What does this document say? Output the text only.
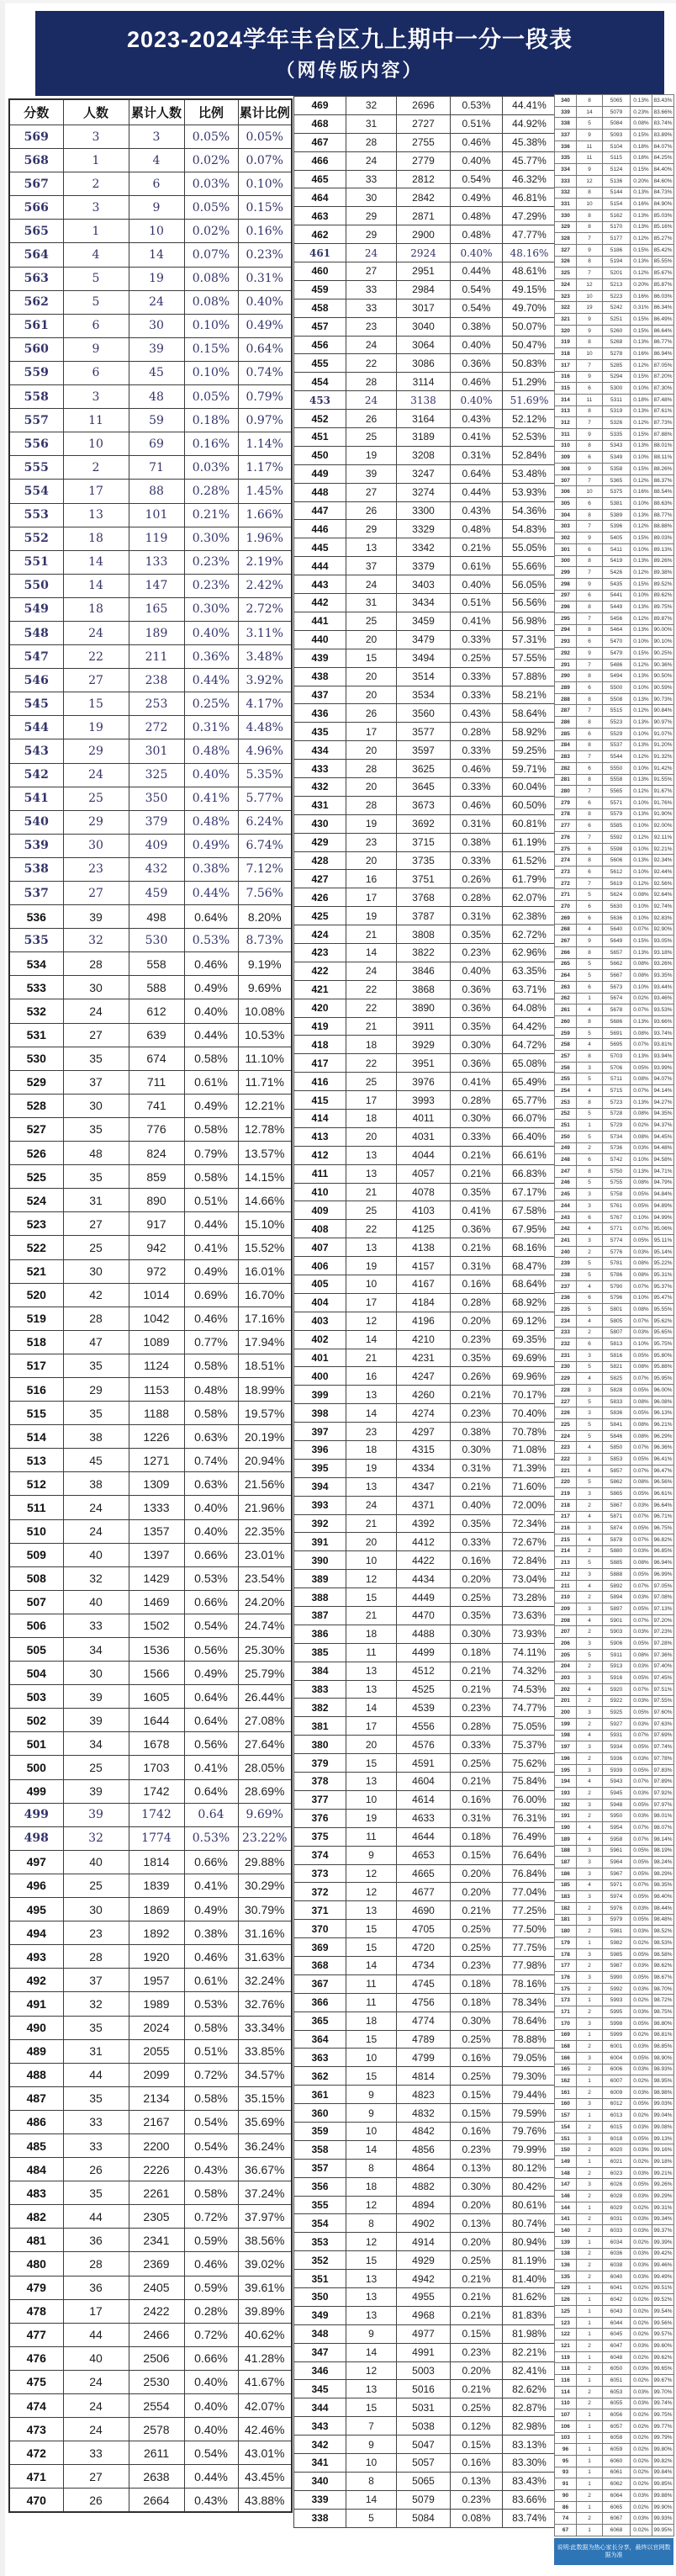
2023-2024学年丰台区九上期中一分一段表
（网传版内容）
分数	人数	累计人数	比例	累计比例
569	3	3	0.05%	0.05%
568	1	4	0.02%	0.07%
567	2	6	0.03%	0.10%
566	3	9	0.05%	0.15%
565	1	10	0.02%	0.16%
564	4	14	0.07%	0.23%
563	5	19	0.08%	0.31%
562	5	24	0.08%	0.40%
561	6	30	0.10%	0.49%
560	9	39	0.15%	0.64%
559	6	45	0.10%	0.74%
558	3	48	0.05%	0.79%
557	11	59	0.18%	0.97%
556	10	69	0.16%	1.14%
555	2	71	0.03%	1.17%
554	17	88	0.28%	1.45%
553	13	101	0.21%	1.66%
552	18	119	0.30%	1.96%
551	14	133	0.23%	2.19%
550	14	147	0.23%	2.42%
549	18	165	0.30%	2.72%
548	24	189	0.40%	3.11%
547	22	211	0.36%	3.48%
546	27	238	0.44%	3.92%
545	15	253	0.25%	4.17%
544	19	272	0.31%	4.48%
543	29	301	0.48%	4.96%
542	24	325	0.40%	5.35%
541	25	350	0.41%	5.77%
540	29	379	0.48%	6.24%
539	30	409	0.49%	6.74%
538	23	432	0.38%	7.12%
537	27	459	0.44%	7.56%
536	39	498	0.64%	8.20%
535	32	530	0.53%	8.73%
534	28	558	0.46%	9.19%
533	30	588	0.49%	9.69%
532	24	612	0.40%	10.08%
531	27	639	0.44%	10.53%
530	35	674	0.58%	11.10%
529	37	711	0.61%	11.71%
528	30	741	0.49%	12.21%
527	35	776	0.58%	12.78%
526	48	824	0.79%	13.57%
525	35	859	0.58%	14.15%
524	31	890	0.51%	14.66%
523	27	917	0.44%	15.10%
522	25	942	0.41%	15.52%
521	30	972	0.49%	16.01%
520	42	1014	0.69%	16.70%
519	28	1042	0.46%	17.16%
518	47	1089	0.77%	17.94%
517	35	1124	0.58%	18.51%
516	29	1153	0.48%	18.99%
515	35	1188	0.58%	19.57%
514	38	1226	0.63%	20.19%
513	45	1271	0.74%	20.94%
512	38	1309	0.63%	21.56%
511	24	1333	0.40%	21.96%
510	24	1357	0.40%	22.35%
509	40	1397	0.66%	23.01%
508	32	1429	0.53%	23.54%
507	40	1469	0.66%	24.20%
506	33	1502	0.54%	24.74%
505	34	1536	0.56%	25.30%
504	30	1566	0.49%	25.79%
503	39	1605	0.64%	26.44%
502	39	1644	0.64%	27.08%
501	34	1678	0.56%	27.64%
500	25	1703	0.41%	28.05%
499	39	1742	0.64%	28.69%
499	39	1742	0.64	9.69%
498	32	1774	0.53%	23.22%
497	40	1814	0.66%	29.88%
496	25	1839	0.41%	30.29%
495	30	1869	0.49%	30.79%
494	23	1892	0.38%	31.16%
493	28	1920	0.46%	31.63%
492	37	1957	0.61%	32.24%
491	32	1989	0.53%	32.76%
490	35	2024	0.58%	33.34%
489	31	2055	0.51%	33.85%
488	44	2099	0.72%	34.57%
487	35	2134	0.58%	35.15%
486	33	2167	0.54%	35.69%
485	33	2200	0.54%	36.24%
484	26	2226	0.43%	36.67%
483	35	2261	0.58%	37.24%
482	44	2305	0.72%	37.97%
481	36	2341	0.59%	38.56%
480	28	2369	0.46%	39.02%
479	36	2405	0.59%	39.61%
478	17	2422	0.28%	39.89%
477	44	2466	0.72%	40.62%
476	40	2506	0.66%	41.28%
475	24	2530	0.40%	41.67%
474	24	2554	0.40%	42.07%
473	24	2578	0.40%	42.46%
472	33	2611	0.54%	43.01%
471	27	2638	0.44%	43.45%
470	26	2664	0.43%	43.88%
469	32	2696	0.53%	44.41%
468	31	2727	0.51%	44.92%
467	28	2755	0.46%	45.38%
466	24	2779	0.40%	45.77%
465	33	2812	0.54%	46.32%
464	30	2842	0.49%	46.81%
463	29	2871	0.48%	47.29%
462	29	2900	0.48%	47.77%
461	24	2924	0.40%	48.16%
460	27	2951	0.44%	48.61%
459	33	2984	0.54%	49.15%
458	33	3017	0.54%	49.70%
457	23	3040	0.38%	50.07%
456	24	3064	0.40%	50.47%
455	22	3086	0.36%	50.83%
454	28	3114	0.46%	51.29%
453	24	3138	0.40%	51.69%
452	26	3164	0.43%	52.12%
451	25	3189	0.41%	52.53%
450	19	3208	0.31%	52.84%
449	39	3247	0.64%	53.48%
448	27	3274	0.44%	53.93%
447	26	3300	0.43%	54.36%
446	29	3329	0.48%	54.83%
445	13	3342	0.21%	55.05%
444	37	3379	0.61%	55.66%
443	24	3403	0.40%	56.05%
442	31	3434	0.51%	56.56%
441	25	3459	0.41%	56.98%
440	20	3479	0.33%	57.31%
439	15	3494	0.25%	57.55%
438	20	3514	0.33%	57.88%
437	20	3534	0.33%	58.21%
436	26	3560	0.43%	58.64%
435	17	3577	0.28%	58.92%
434	20	3597	0.33%	59.25%
433	28	3625	0.46%	59.71%
432	20	3645	0.33%	60.04%
431	28	3673	0.46%	60.50%
430	19	3692	0.31%	60.81%
429	23	3715	0.38%	61.19%
428	20	3735	0.33%	61.52%
427	16	3751	0.26%	61.79%
426	17	3768	0.28%	62.07%
425	19	3787	0.31%	62.38%
424	21	3808	0.35%	62.72%
423	14	3822	0.23%	62.96%
422	24	3846	0.40%	63.35%
421	22	3868	0.36%	63.71%
420	22	3890	0.36%	64.08%
419	21	3911	0.35%	64.42%
418	18	3929	0.30%	64.72%
417	22	3951	0.36%	65.08%
416	25	3976	0.41%	65.49%
415	17	3993	0.28%	65.77%
414	18	4011	0.30%	66.07%
413	20	4031	0.33%	66.40%
412	13	4044	0.21%	66.61%
411	13	4057	0.21%	66.83%
410	21	4078	0.35%	67.17%
409	25	4103	0.41%	67.58%
408	22	4125	0.36%	67.95%
407	13	4138	0.21%	68.16%
406	19	4157	0.31%	68.47%
405	10	4167	0.16%	68.64%
404	17	4184	0.28%	68.92%
403	12	4196	0.20%	69.12%
402	14	4210	0.23%	69.35%
401	21	4231	0.35%	69.69%
400	16	4247	0.26%	69.96%
399	13	4260	0.21%	70.17%
398	14	4274	0.23%	70.40%
397	23	4297	0.38%	70.78%
396	18	4315	0.30%	71.08%
395	19	4334	0.31%	71.39%
394	13	4347	0.21%	71.60%
393	24	4371	0.40%	72.00%
392	21	4392	0.35%	72.34%
391	20	4412	0.33%	72.67%
390	10	4422	0.16%	72.84%
389	12	4434	0.20%	73.04%
388	15	4449	0.25%	73.28%
387	21	4470	0.35%	73.63%
386	18	4488	0.30%	73.93%
385	11	4499	0.18%	74.11%
384	13	4512	0.21%	74.32%
383	13	4525	0.21%	74.53%
382	14	4539	0.23%	74.77%
381	17	4556	0.28%	75.05%
380	20	4576	0.33%	75.37%
379	15	4591	0.25%	75.62%
378	13	4604	0.21%	75.84%
377	10	4614	0.16%	76.00%
376	19	4633	0.31%	76.31%
375	11	4644	0.18%	76.49%
374	9	4653	0.15%	76.64%
373	12	4665	0.20%	76.84%
372	12	4677	0.20%	77.04%
371	13	4690	0.21%	77.25%
370	15	4705	0.25%	77.50%
369	15	4720	0.25%	77.75%
368	14	4734	0.23%	77.98%
367	11	4745	0.18%	78.16%
366	11	4756	0.18%	78.34%
365	18	4774	0.30%	78.64%
364	15	4789	0.25%	78.88%
363	10	4799	0.16%	79.05%
362	15	4814	0.25%	79.30%
361	9	4823	0.15%	79.44%
360	9	4832	0.15%	79.59%
359	10	4842	0.16%	79.76%
358	14	4856	0.23%	79.99%
357	8	4864	0.13%	80.12%
356	18	4882	0.30%	80.42%
355	12	4894	0.20%	80.61%
354	8	4902	0.13%	80.74%
353	12	4914	0.20%	80.94%
352	15	4929	0.25%	81.19%
351	13	4942	0.21%	81.40%
350	13	4955	0.21%	81.62%
349	13	4968	0.21%	81.83%
348	9	4977	0.15%	81.98%
347	14	4991	0.23%	82.21%
346	12	5003	0.20%	82.41%
345	13	5016	0.21%	82.62%
344	15	5031	0.25%	82.87%
343	7	5038	0.12%	82.98%
342	9	5047	0.15%	83.13%
341	10	5057	0.16%	83.30%
340	8	5065	0.13%	83.43%
339	14	5079	0.23%	83.66%
338	5	5084	0.08%	83.74%
340	8	5065	0.13%	83.43%
339	14	5079	0.23%	83.66%
338	5	5084	0.08%	83.74%
337	9	5093	0.15%	83.89%
336	11	5104	0.18%	84.07%
335	11	5115	0.18%	84.25%
334	9	5124	0.15%	84.40%
333	12	5136	0.20%	84.60%
332	8	5144	0.13%	84.73%
331	10	5154	0.16%	84.90%
330	8	5162	0.13%	85.03%
329	8	5170	0.13%	85.16%
328	7	5177	0.12%	85.27%
327	9	5186	0.15%	85.42%
326	8	5194	0.13%	85.55%
325	7	5201	0.12%	85.67%
324	12	5213	0.20%	85.87%
323	10	5223	0.16%	86.03%
322	19	5242	0.31%	86.34%
321	9	5251	0.15%	86.49%
320	9	5260	0.15%	86.64%
319	8	5268	0.13%	86.77%
318	10	5278	0.16%	86.94%
317	7	5285	0.12%	87.05%
316	9	5294	0.15%	87.20%
315	6	5300	0.10%	87.30%
314	11	5311	0.18%	87.48%
313	8	5319	0.13%	87.61%
312	7	5326	0.12%	87.73%
311	9	5335	0.15%	87.88%
310	8	5343	0.13%	88.01%
309	6	5349	0.10%	88.11%
308	9	5358	0.15%	88.26%
307	7	5365	0.12%	88.37%
306	10	5375	0.16%	88.54%
305	6	5381	0.10%	88.63%
304	8	5389	0.13%	88.77%
303	7	5396	0.12%	88.88%
302	9	5405	0.15%	89.03%
301	6	5411	0.10%	89.13%
300	8	5419	0.13%	89.26%
299	7	5426	0.12%	89.38%
298	9	5435	0.15%	89.52%
297	6	5441	0.10%	89.62%
296	8	5449	0.13%	89.75%
295	7	5456	0.12%	89.87%
294	8	5464	0.13%	90.00%
293	6	5470	0.10%	90.10%
292	9	5479	0.15%	90.25%
291	7	5486	0.12%	90.36%
290	8	5494	0.13%	90.50%
289	6	5500	0.10%	90.59%
288	8	5508	0.13%	90.73%
287	7	5515	0.12%	90.84%
286	8	5523	0.13%	90.97%
285	6	5529	0.10%	91.07%
284	8	5537	0.13%	91.20%
283	7	5544	0.12%	91.32%
282	6	5550	0.10%	91.42%
281	8	5558	0.13%	91.55%
280	7	5565	0.12%	91.67%
279	6	5571	0.10%	91.76%
278	8	5579	0.13%	91.90%
277	6	5585	0.10%	92.00%
276	7	5592	0.12%	92.11%
275	6	5598	0.10%	92.21%
274	8	5606	0.13%	92.34%
273	6	5612	0.10%	92.44%
272	7	5619	0.12%	92.56%
271	5	5624	0.08%	92.64%
270	6	5630	0.10%	92.74%
269	6	5636	0.10%	92.83%
268	4	5640	0.07%	92.90%
267	9	5649	0.15%	93.05%
266	8	5657	0.13%	93.18%
265	5	5662	0.08%	93.26%
264	5	5667	0.08%	93.35%
263	6	5673	0.10%	93.44%
262	1	5674	0.02%	93.46%
261	4	5678	0.07%	93.53%
260	8	5686	0.13%	93.66%
259	5	5691	0.08%	93.74%
258	4	5695	0.07%	93.81%
257	8	5703	0.13%	93.94%
256	3	5706	0.05%	93.99%
255	5	5711	0.08%	94.07%
254	4	5715	0.07%	94.14%
253	8	5723	0.13%	94.27%
252	5	5728	0.08%	94.35%
251	1	5729	0.02%	94.37%
250	5	5734	0.08%	94.45%
249	2	5736	0.03%	94.48%
248	6	5742	0.10%	94.58%
247	8	5750	0.13%	94.71%
246	5	5755	0.08%	94.79%
245	3	5758	0.05%	94.84%
244	3	5761	0.05%	94.89%
243	6	5767	0.10%	94.99%
242	4	5771	0.07%	95.06%
241	3	5774	0.05%	95.11%
240	2	5776	0.03%	95.14%
239	5	5781	0.08%	95.22%
238	5	5786	0.08%	95.31%
237	4	5790	0.07%	95.37%
236	6	5796	0.10%	95.47%
235	5	5801	0.08%	95.55%
234	4	5805	0.07%	95.62%
233	2	5807	0.03%	95.65%
232	6	5813	0.10%	95.75%
231	3	5816	0.05%	95.80%
230	5	5821	0.08%	95.88%
229	4	5825	0.07%	95.95%
228	3	5828	0.05%	96.00%
227	5	5833	0.08%	96.08%
226	3	5836	0.05%	96.13%
225	5	5841	0.08%	96.21%
224	5	5846	0.08%	96.29%
223	4	5850	0.07%	96.36%
222	3	5853	0.05%	96.41%
221	4	5857	0.07%	96.47%
220	5	5862	0.08%	96.56%
219	3	5865	0.05%	96.61%
218	2	5867	0.03%	96.64%
217	4	5871	0.07%	96.71%
216	3	5874	0.05%	96.75%
215	4	5878	0.07%	96.82%
214	2	5880	0.03%	96.85%
213	5	5885	0.08%	96.94%
212	3	5888	0.05%	96.99%
211	4	5892	0.07%	97.05%
210	2	5894	0.03%	97.08%
209	3	5897	0.05%	97.13%
208	4	5901	0.07%	97.20%
207	2	5903	0.03%	97.23%
206	3	5906	0.05%	97.28%
205	5	5911	0.08%	97.36%
204	2	5913	0.03%	97.40%
203	3	5916	0.05%	97.45%
202	4	5920	0.07%	97.51%
201	2	5922	0.03%	97.55%
200	3	5925	0.05%	97.60%
199	2	5927	0.03%	97.63%
198	4	5931	0.07%	97.69%
197	3	5934	0.05%	97.74%
196	2	5936	0.03%	97.78%
195	3	5939	0.05%	97.83%
194	4	5943	0.07%	97.89%
193	2	5945	0.03%	97.92%
192	3	5948	0.05%	97.97%
191	2	5950	0.03%	98.01%
190	4	5954	0.07%	98.07%
189	4	5958	0.07%	98.14%
188	3	5961	0.05%	98.19%
187	3	5964	0.05%	98.24%
186	3	5967	0.05%	98.29%
185	4	5971	0.07%	98.35%
183	3	5974	0.05%	98.40%
182	2	5976	0.03%	98.44%
181	3	5979	0.05%	98.48%
180	2	5981	0.03%	98.52%
179	1	5982	0.02%	98.53%
178	3	5985	0.05%	98.58%
177	2	5987	0.03%	98.62%
176	3	5990	0.05%	98.67%
175	2	5992	0.03%	98.70%
173	1	5993	0.02%	98.72%
171	2	5995	0.03%	98.75%
170	3	5998	0.05%	98.80%
169	1	5999	0.02%	98.81%
168	2	6001	0.03%	98.85%
166	3	6004	0.05%	98.90%
165	2	6006	0.03%	98.93%
162	1	6007	0.02%	98.95%
161	2	6009	0.03%	98.98%
160	3	6012	0.05%	99.03%
157	1	6013	0.02%	99.04%
154	2	6015	0.03%	99.08%
151	3	6018	0.05%	99.13%
150	2	6020	0.03%	99.16%
149	1	6021	0.02%	99.18%
148	2	6023	0.03%	99.21%
147	3	6026	0.05%	99.26%
146	2	6028	0.03%	99.29%
144	1	6029	0.02%	99.31%
141	2	6031	0.03%	99.34%
140	2	6033	0.03%	99.37%
139	1	6034	0.02%	99.39%
138	2	6036	0.03%	99.42%
136	2	6038	0.03%	99.46%
135	2	6040	0.03%	99.49%
129	1	6041	0.02%	99.51%
126	1	6042	0.02%	99.52%
125	1	6043	0.02%	99.54%
123	1	6044	0.02%	99.56%
122	1	6045	0.02%	99.57%
121	2	6047	0.03%	99.60%
119	1	6048	0.02%	99.62%
118	2	6050	0.03%	99.65%
116	1	6051	0.02%	99.67%
114	2	6053	0.03%	99.70%
110	2	6055	0.03%	99.74%
107	1	6056	0.02%	99.75%
106	1	6057	0.02%	99.77%
103	1	6058	0.02%	99.79%
96	1	6059	0.02%	99.80%
95	1	6060	0.02%	99.82%
93	1	6061	0.02%	99.84%
91	1	6062	0.02%	99.85%
90	2	6064	0.03%	99.88%
86	1	6065	0.02%	99.90%
74	2	6067	0.03%	99.93%
67	1	6068	0.02%	99.95%
说明:此数据为热心家长分享，最终以官网数据为准
